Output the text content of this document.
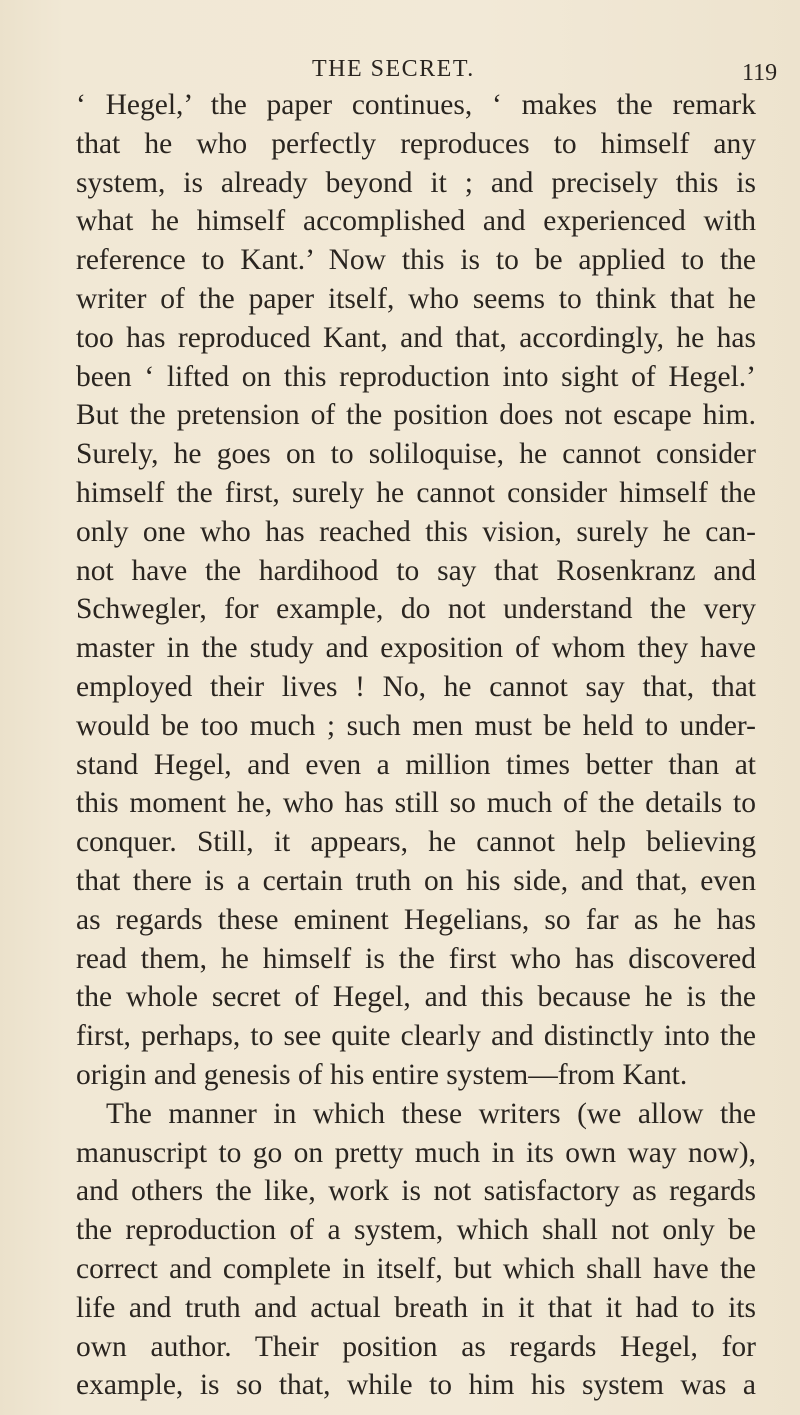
THE SECRET.	119
‘ Hegel,’ the paper continues, ‘ makes the remark
that he who perfectly reproduces to himself any
system, is already beyond it ; and precisely this is
what he himself accomplished and experienced with
reference to Kant.’ Now this is to be applied to the
writer of the paper itself, who seems to think that he
too has reproduced Kant, and that, accordingly, he has
been ‘ lifted on this reproduction into sight of Hegel.’
But the pretension of the position does not escape him.
Surely, he goes on to soliloquise, he cannot consider
himself the first, surely he cannot consider himself the
only one who has reached this vision, surely he can-
not have the hardihood to say that Rosenkranz and
Schwegler, for example, do not understand the very
master in the study and exposition of whom they have
employed their lives ! No, he cannot say that, that
would be too much ; such men must be held to under-
stand Hegel, and even a million times better than at
this moment he, who has still so much of the details to
conquer. Still, it appears, he cannot help believing
that there is a certain truth on his side, and that, even
as regards these eminent Hegelians, so far as he has
read them, he himself is the first who has discovered
the whole secret of Hegel, and this because he is the
first, perhaps, to see quite clearly and distinctly into the
origin and genesis of his entire system—from Kant.
The manner in which these writers (we allow the
manuscript to go on pretty much in its own way now),
and others the like, work is not satisfactory as regards
the reproduction of a system, which shall not only be
correct and complete in itself, but which shall have the
life and truth and actual breath in it that it had to its
own author. Their position as regards Hegel, for
example, is so that, while to him his system was a
